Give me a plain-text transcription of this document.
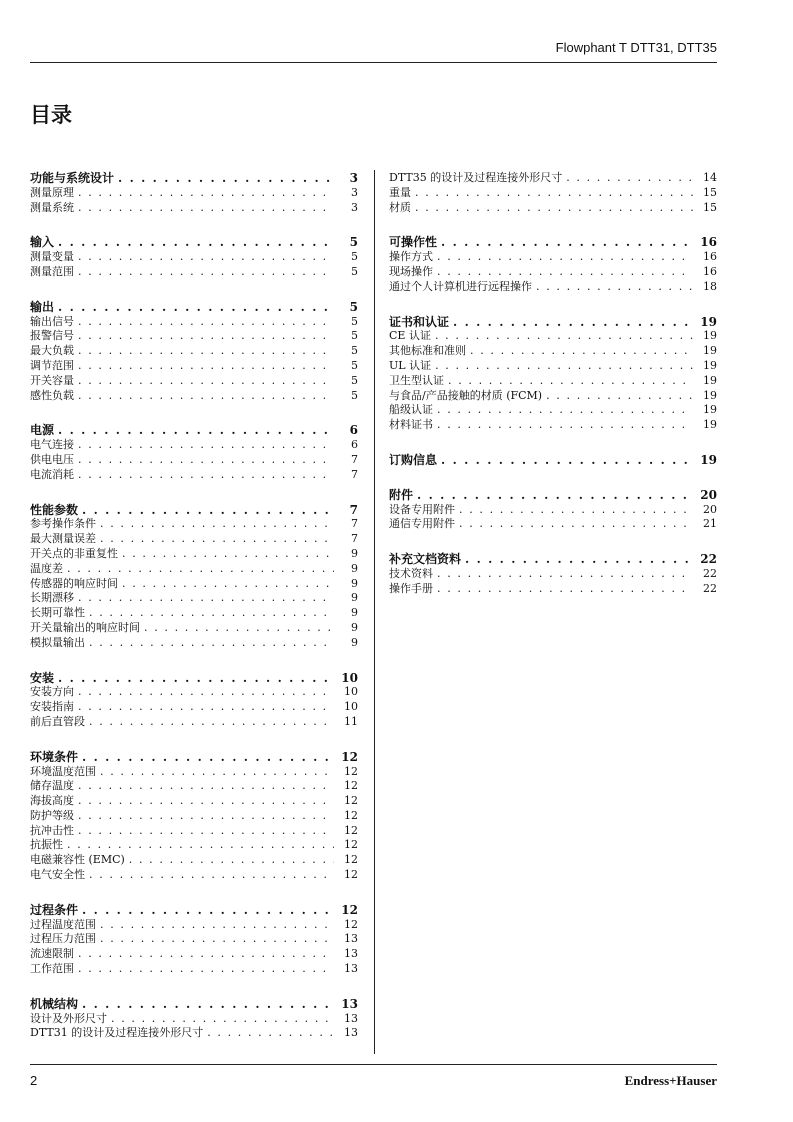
Flowphant T DTT31, DTT35
目录
功能与系统设计 . . .	3
测量原理 . . .	3
测量系统 . . .	3
输入 . . .	5
测量变量 . . .	5
测量范围 . . .	5
输出 . . .	5
输出信号 . . .	5
报警信号 . . .	5
最大负载 . . .	5
调节范围 . . .	5
开关容量 . . .	5
感性负载 . . .	5
电源 . . .	6
电气连接 . . .	6
供电电压 . . .	7
电流消耗 . . .	7
性能参数 . . .	7
参考操作条件 . . .	7
最大测量误差 . . .	7
开关点的非重复性 . . .	9
温度差 . . .	9
传感器的响应时间 . . .	9
长期漂移 . . .	9
长期可靠性 . . .	9
开关量输出的响应时间 . . .	9
模拟量输出 . . .	9
安装 . . .	10
安装方向 . . .	10
安装指南 . . .	10
前后直管段 . . .	11
环境条件 . . .	12
环境温度范围 . . .	12
储存温度 . . .	12
海拔高度 . . .	12
防护等级 . . .	12
抗冲击性 . . .	12
抗振性 . . .	12
电磁兼容性 (EMC) . . .	12
电气安全性 . . .	12
过程条件 . . .	12
过程温度范围 . . .	12
过程压力范围 . . .	13
流速限制 . . .	13
工作范围 . . .	13
机械结构 . . .	13
设计及外形尺寸 . . .	13
DTT31 的设计及过程连接外形尺寸 . . .	13
DTT35 的设计及过程连接外形尺寸 . . .	14
重量 . . .	15
材质 . . .	15
可操作性 . . .	16
操作方式 . . .	16
现场操作 . . .	16
通过个人计算机进行远程操作 . . .	18
证书和认证 . . .	19
CE 认证 . . .	19
其他标准和准则 . . .	19
UL 认证 . . .	19
卫生型认证 . . .	19
与食品/产品接触的材质 (FCM) . . .	19
船级认证 . . .	19
材料证书 . . .	19
订购信息 . . .	19
附件 . . .	20
设备专用附件 . . .	20
通信专用附件 . . .	21
补充文档资料 . . .	22
技术资料 . . .	22
操作手册 . . .	22
2	Endress+Hauser
